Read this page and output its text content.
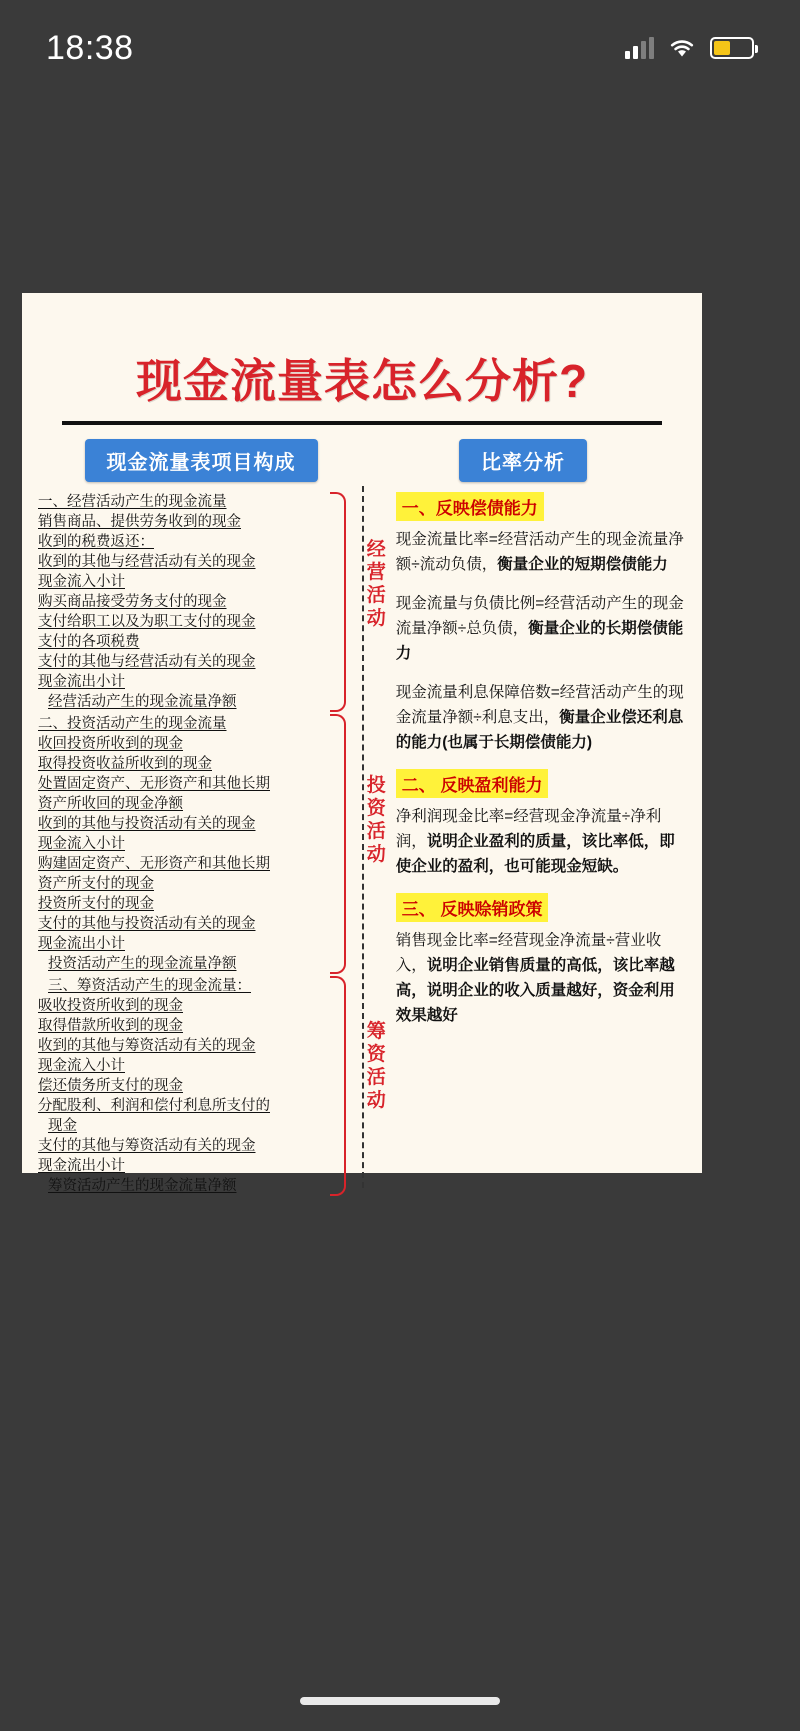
18:38
现金流量表怎么分析?
现金流量表项目构成	比率分析
一、经营活动产生的现金流量
销售商品、提供劳务收到的现金
收到的税费返还：
收到的其他与经营活动有关的现金
现金流入小计
购买商品接受劳务支付的现金
支付给职工以及为职工支付的现金
支付的各项税费
支付的其他与经营活动有关的现金
现金流出小计
经营活动产生的现金流量净额
经营活动
二、投资活动产生的现金流量
收回投资所收到的现金
取得投资收益所收到的现金
处置固定资产、无形资产和其他长期
资产所收回的现金净额
收到的其他与投资活动有关的现金
现金流入小计
购建固定资产、无形资产和其他长期
资产所支付的现金
投资所支付的现金
支付的其他与投资活动有关的现金
现金流出小计
投资活动产生的现金流量净额
投资活动
三、筹资活动产生的现金流量：
吸收投资所收到的现金
取得借款所收到的现金
收到的其他与筹资活动有关的现金
现金流入小计
偿还债务所支付的现金
分配股利、利润和偿付利息所支付的
现金
支付的其他与筹资活动有关的现金
现金流出小计
筹资活动产生的现金流量净额
筹资活动
一、反映偿债能力
现金流量比率=经营活动产生的现金流量净额÷流动负债，衡量企业的短期偿债能力
现金流量与负债比例=经营活动产生的现金流量净额÷总负债，衡量企业的长期偿债能力
现金流量利息保障倍数=经营活动产生的现金流量净额÷利息支出，衡量企业偿还利息的能力(也属于长期偿债能力)
二、 反映盈利能力
净利润现金比率=经营现金净流量÷净利润，说明企业盈利的质量，该比率低，即使企业的盈利，也可能现金短缺。
三、 反映赊销政策
销售现金比率=经营现金净流量÷营业收入，说明企业销售质量的高低，该比率越高，说明企业的收入质量越好，资金利用效果越好
